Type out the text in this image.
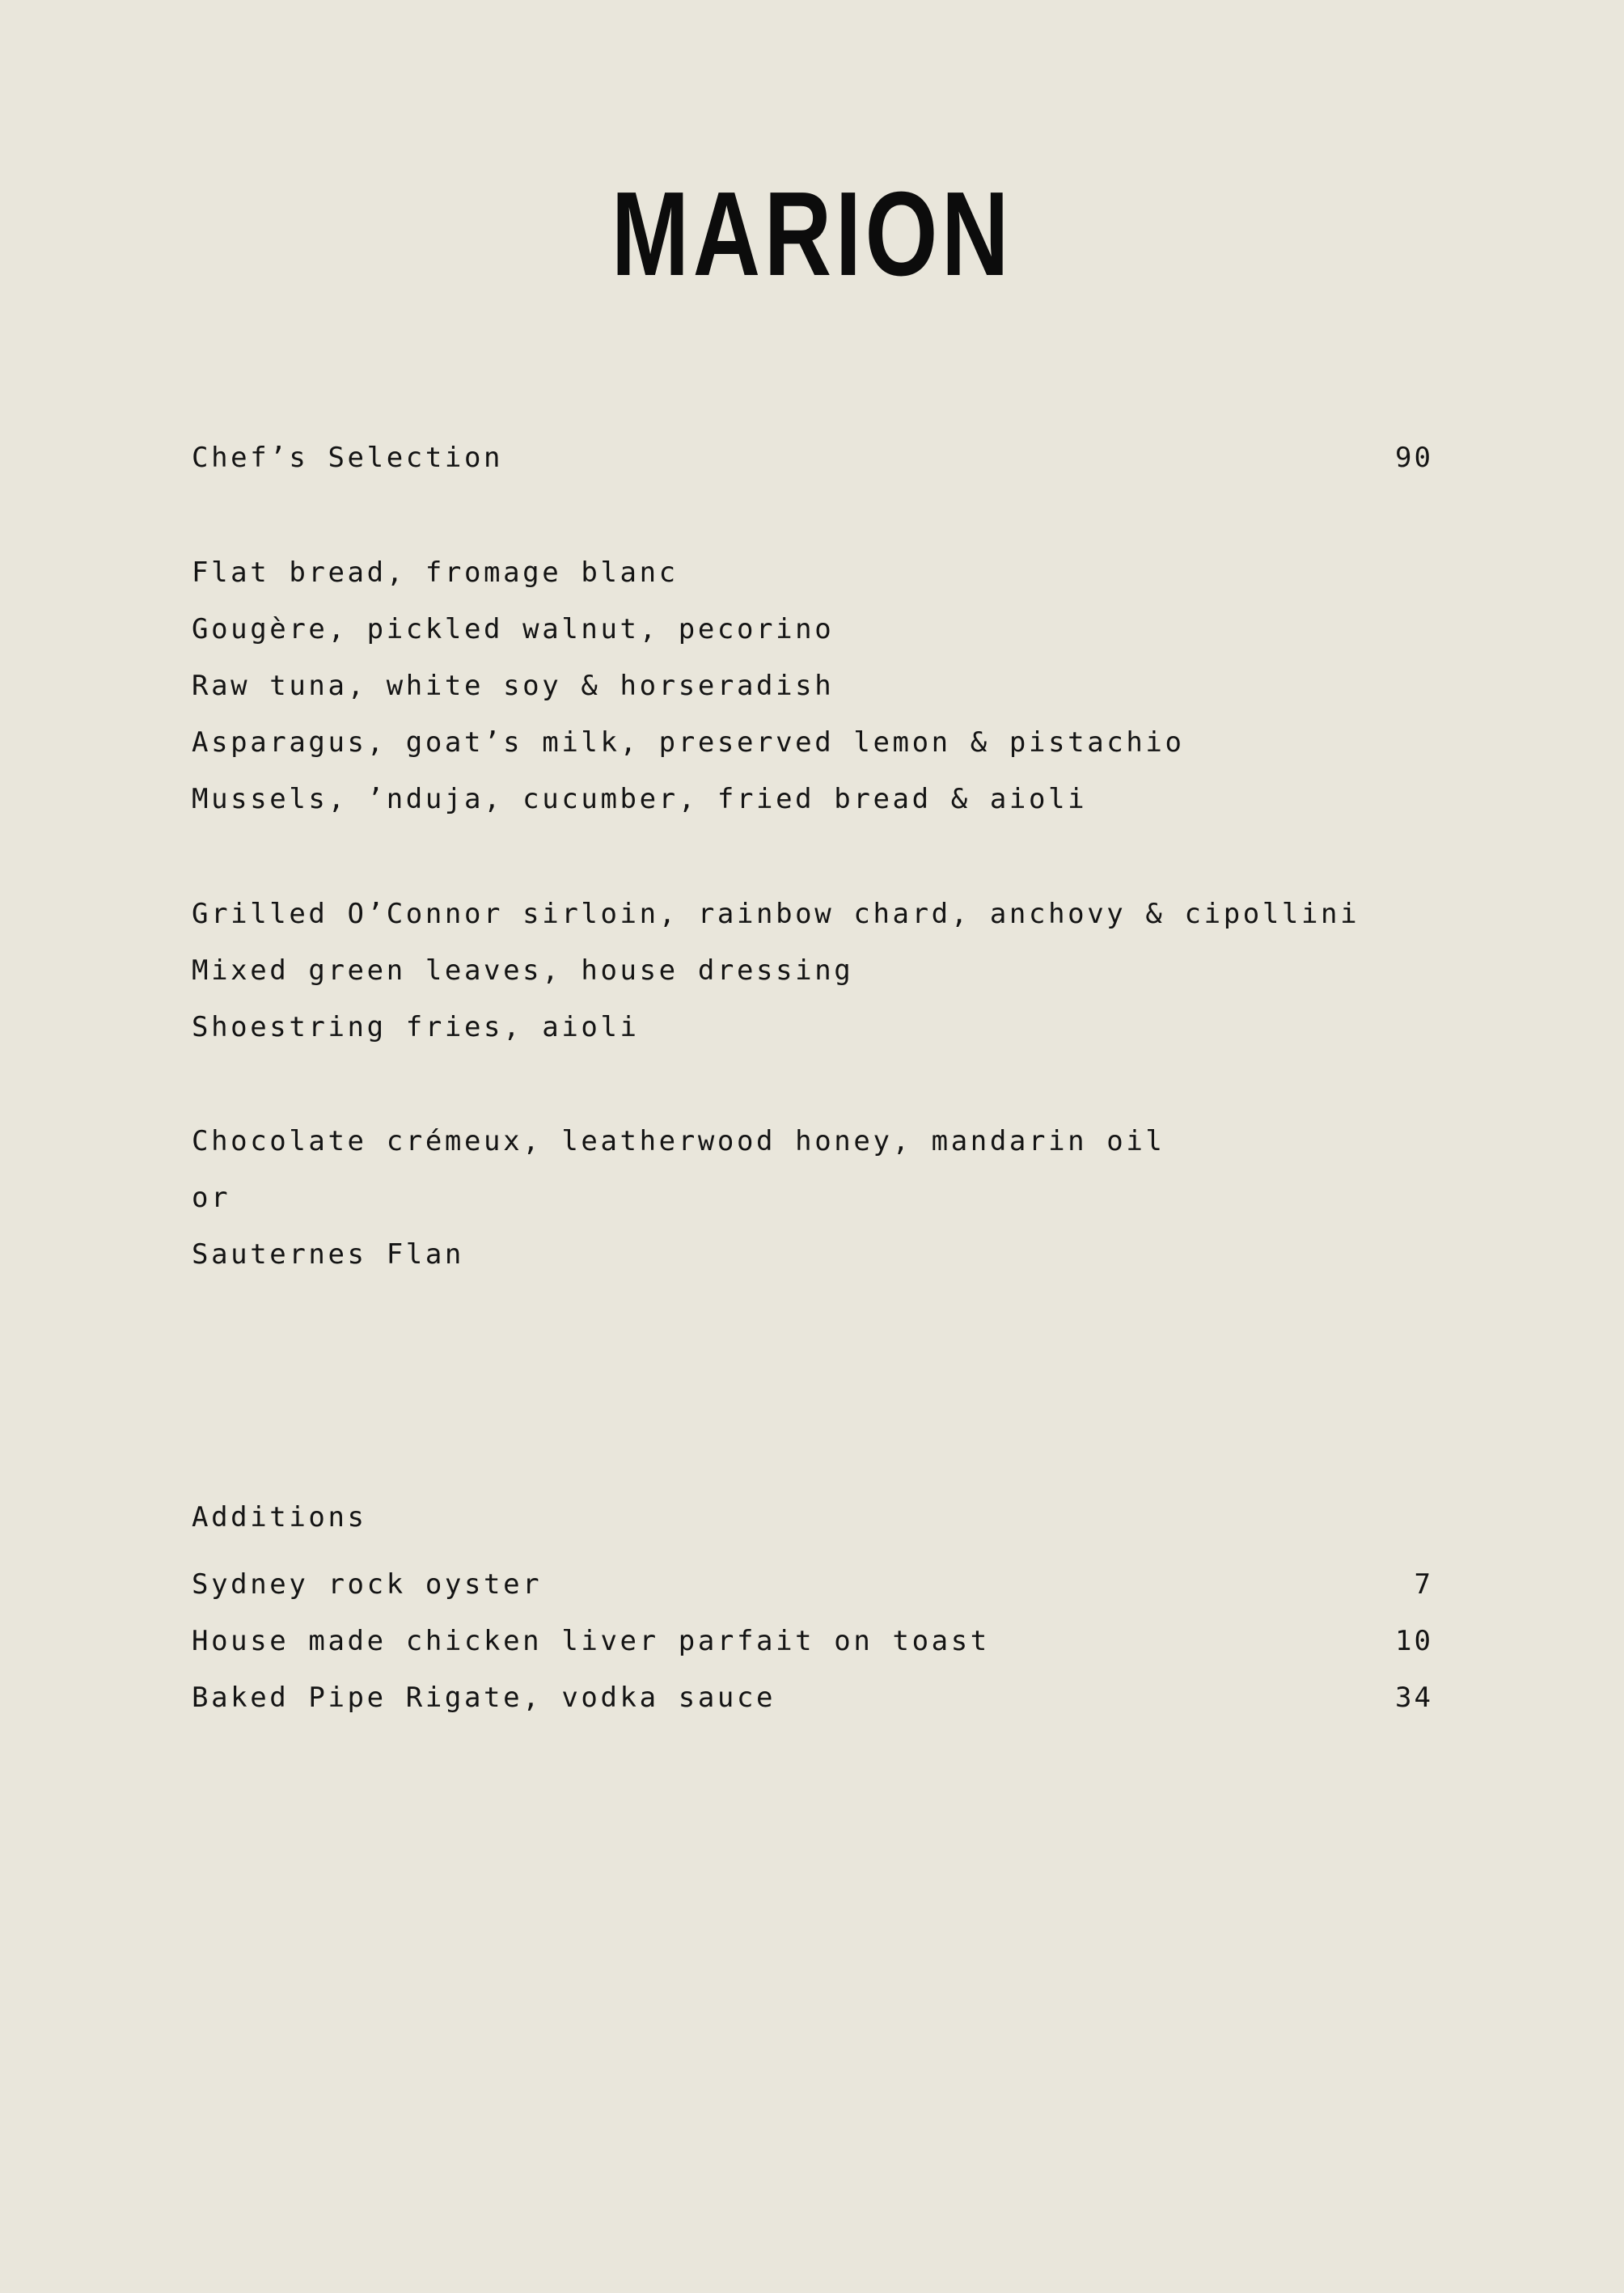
MARION
Chef’s Selection	90
Flat bread, fromage blanc
Gougère, pickled walnut, pecorino
Raw tuna, white soy & horseradish
Asparagus, goat’s milk, preserved lemon & pistachio
Mussels, ’nduja, cucumber, fried bread & aioli
Grilled O’Connor sirloin, rainbow chard, anchovy & cipollini
Mixed green leaves, house dressing
Shoestring fries, aioli
Chocolate crémeux, leatherwood honey, mandarin oil
or
Sauternes Flan
Additions
Sydney rock oyster	7
House made chicken liver parfait on toast	10
Baked Pipe Rigate, vodka sauce	34
